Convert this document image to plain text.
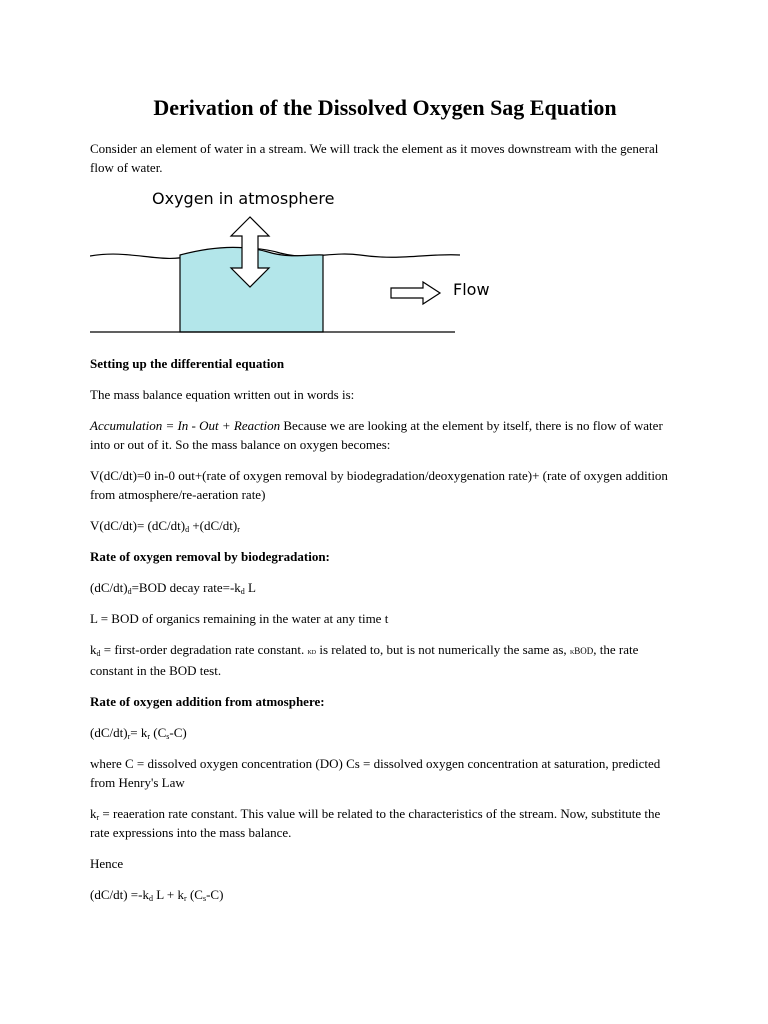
Derivation of the Dissolved Oxygen Sag Equation

Consider an element of water in a stream. We will track the element as it moves downstream with the general flow of water.

Oxygen in atmosphere
Flow

Setting up the differential equation

The mass balance equation written out in words is:

Accumulation = In - Out + Reaction Because we are looking at the element by itself, there is no flow of water into or out of it. So the mass balance on oxygen becomes:

V(dC/dt)=0 in-0 out+(rate of oxygen removal by biodegradation/deoxygenation rate)+ (rate of oxygen addition from atmosphere/re-aeration rate)

$V(dC/dt)= (dC/dt)_d +(dC/dt)_r$

Rate of oxygen removal by biodegradation:

$(dC/dt)_d=BOD$ decay $rate=-k_d$ L

L = BOD of organics remaining in the water at any time t

$k_d$ = first-order degradation rate constant. kd is related to, but is not numerically the same as, kBOD, the rate constant in the BOD test.

Rate of oxygen addition from atmosphere:

$(dC/dt)_r= k_r$ $(C_s-C)$

where C = dissolved oxygen concentration (DO) Cs = dissolved oxygen concentration at saturation, predicted from Henry's Law

$k_r$ = reaeration rate constant. This value will be related to the characteristics of the stream. Now, substitute the rate expressions into the mass balance.

Hence

$(dC/dt) =-k_d$ $L + k_r$ $(C_s-C)$
